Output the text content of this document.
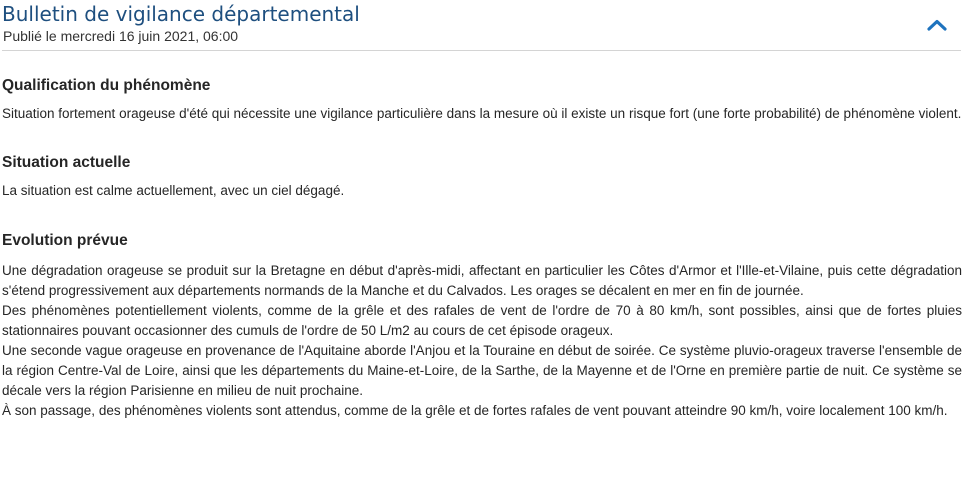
Bulletin de vigilance départemental
Publié le mercredi 16 juin 2021, 06:00
Qualification du phénomène

Situation fortement orageuse d'été qui nécessite une vigilance particulière dans la mesure où il existe un risque fort (une forte probabilité) de phénomène violent.

Situation actuelle

La situation est calme actuellement, avec un ciel dégagé.

Evolution prévue

Une dégradation orageuse se produit sur la Bretagne en début d'après-midi, affectant en particulier les Côtes d'Armor et l'Ille-et-Vilaine, puis cette dégradation s'étend progressivement aux départements normands de la Manche et du Calvados. Les orages se décalent en mer en fin de journée.

Des phénomènes potentiellement violents, comme de la grêle et des rafales de vent de l'ordre de 70 à 80 km/h, sont possibles, ainsi que de fortes pluies stationnaires pouvant occasionner des cumuls de l'ordre de 50 L/m2 au cours de cet épisode orageux.

Une seconde vague orageuse en provenance de l'Aquitaine aborde l'Anjou et la Touraine en début de soirée. Ce système pluvio-orageux traverse l'ensemble de la région Centre-Val de Loire, ainsi que les départements du Maine-et-Loire, de la Sarthe, de la Mayenne et de l'Orne en première partie de nuit. Ce système se décale vers la région Parisienne en milieu de nuit prochaine.

À son passage, des phénomènes violents sont attendus, comme de la grêle et de fortes rafales de vent pouvant atteindre 90 km/h, voire localement 100 km/h.
